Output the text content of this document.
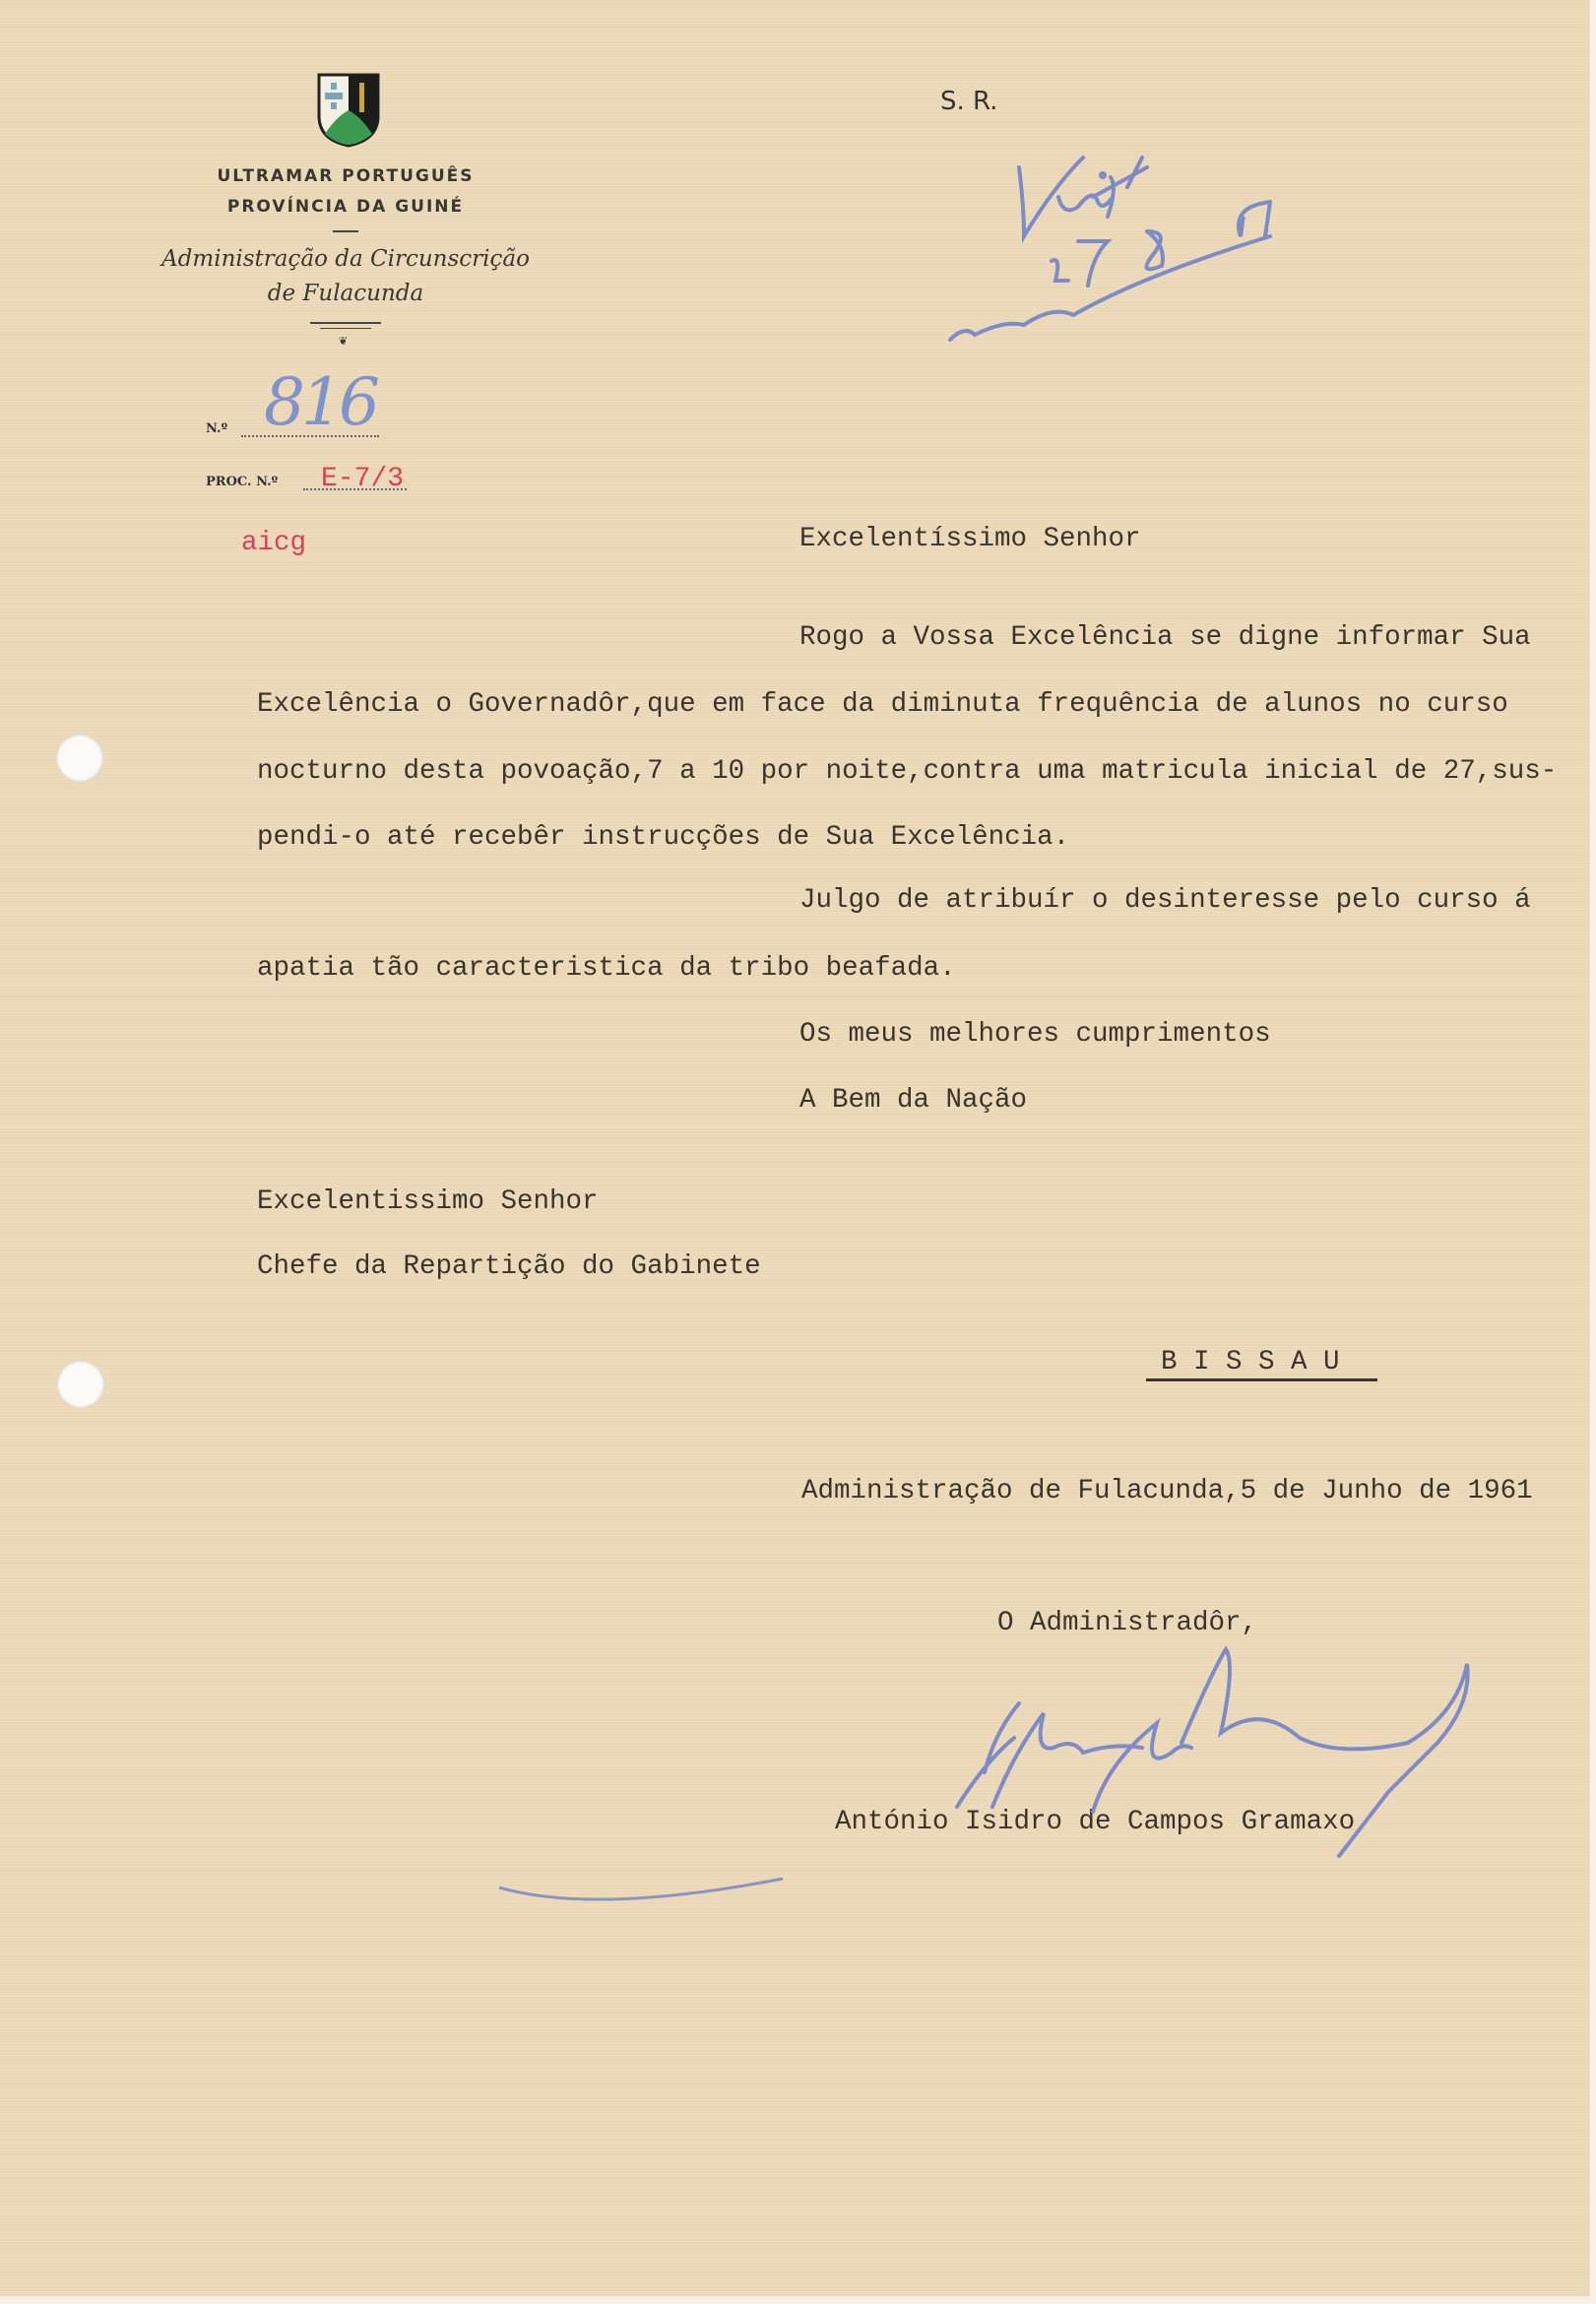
ULTRAMAR PORTUGUÊS
PROVÍNCIA DA GUINÉ
Administração da Circunscrição
de Fulacunda
❦
N.º 816
PROC. N.º E-7/3
aicg
S. R.
Excelentíssimo Senhor
Rogo a Vossa Excelência se digne informar Sua
Excelência o Governadôr,que em face da diminuta frequência de alunos no curso
nocturno desta povoação,7 a 10 por noite,contra uma matricula inicial de 27,sus-
pendi-o até recebêr instrucções de Sua Excelência.
Julgo de atribuír o desinteresse pelo curso á
apatia tão caracteristica da tribo beafada.
Os meus melhores cumprimentos
A Bem da Nação
Excelentissimo Senhor
Chefe da Repartição do Gabinete
B I S S A U
Administração de Fulacunda,5 de Junho de 1961
O Administradôr,
António Isidro de Campos Gramaxo
